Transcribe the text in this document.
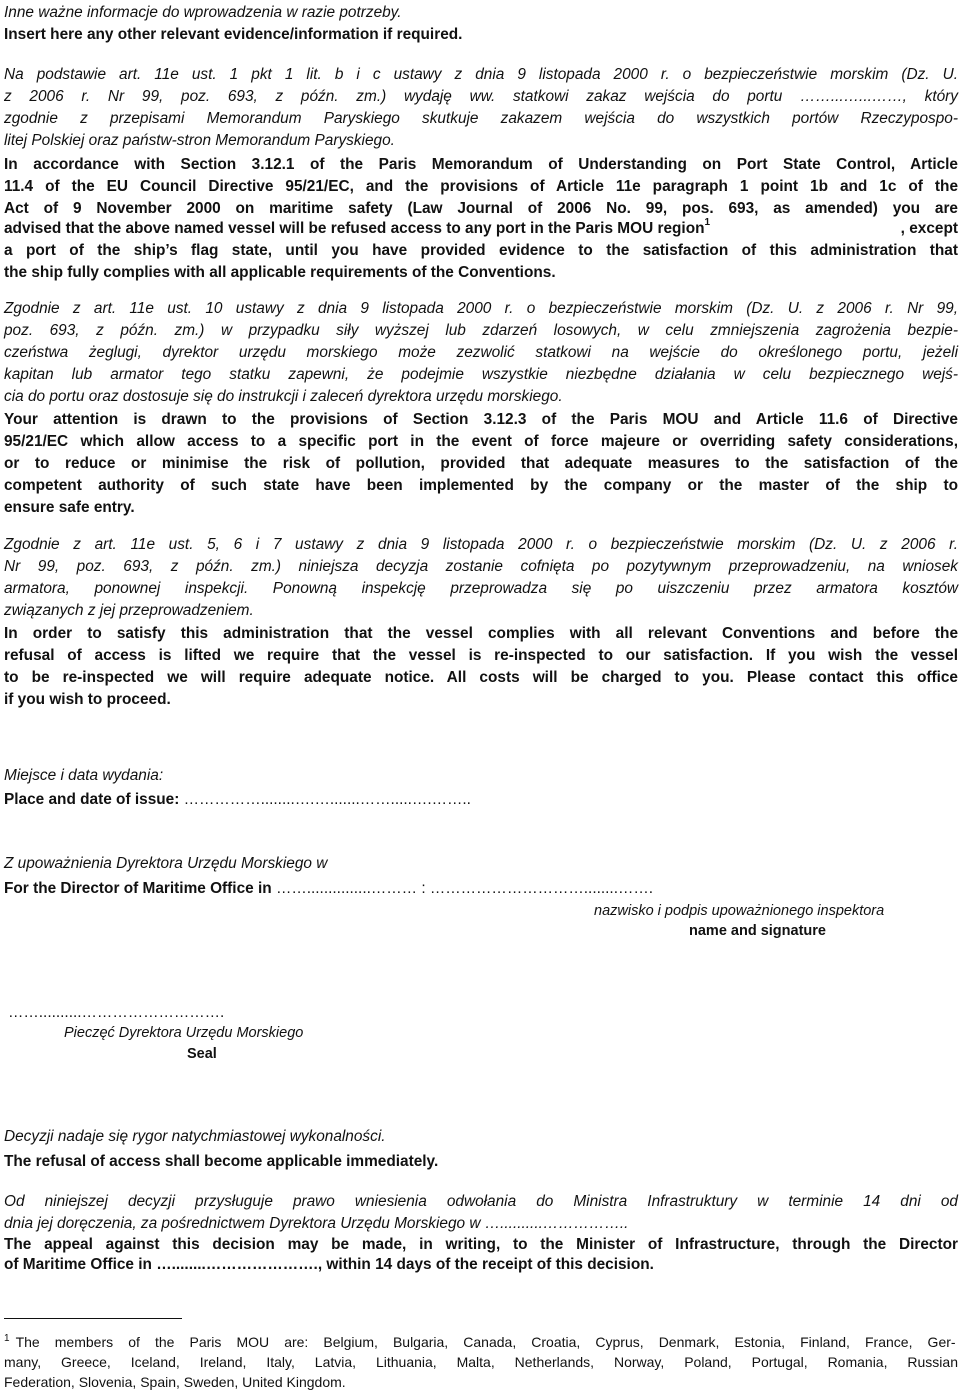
Inne ważne informacje do wprowadzenia w razie potrzeby.
Insert here any other relevant evidence/information if required.
Na podstawie art. 11e ust. 1 pkt 1 lit. b i c ustawy z dnia 9 listopada 2000 r. o bezpieczeństwie morskim (Dz. U.
z 2006 r. Nr 99, poz. 693, z późn. zm.) wydaję ww. statkowi zakaz wejścia do portu ……...…...……, który
zgodnie z przepisami Memorandum Paryskiego skutkuje zakazem wejścia do wszystkich portów Rzeczypospo-
litej Polskiej oraz państw-stron Memorandum Paryskiego.
In accordance with Section 3.12.1 of the Paris Memorandum of Understanding on Port State Control, Article
11.4 of the EU Council Directive 95/21/EC, and the provisions of Article 11e paragraph 1 point 1b and 1c of the
Act of 9 November 2000 on maritime safety (Law Journal of 2006 No. 99, pos. 693, as amended) you are
advised that the above named vessel will be refused access to any port in the Paris MOU region$^1$	, except
a port of the ship’s flag state, until you have provided evidence to the satisfaction of this administration that
the ship fully complies with all applicable requirements of the Conventions.
Zgodnie z art. 11e ust. 10 ustawy z dnia 9 listopada 2000 r. o bezpieczeństwie morskim (Dz. U. z 2006 r. Nr 99,
poz. 693, z późn. zm.) w przypadku siły wyższej lub zdarzeń losowych, w celu zmniejszenia zagrożenia bezpie-
czeństwa żeglugi, dyrektor urzędu morskiego może zezwolić statkowi na wejście do określonego portu, jeżeli
kapitan lub armator tego statku zapewni, że podejmie wszystkie niezbędne działania w celu bezpiecznego wejś-
cia do portu oraz dostosuje się do instrukcji i zaleceń dyrektora urzędu morskiego.
Your attention is drawn to the provisions of Section 3.12.3 of the Paris MOU and Article 11.6 of Directive
95/21/EC which allow access to a specific port in the event of force majeure or overriding safety considerations,
or to reduce or minimise the risk of pollution, provided that adequate measures to the satisfaction of the
competent authority of such state have been implemented by the company or the master of the ship to
ensure safe entry.
Zgodnie z art. 11e ust. 5, 6 i 7 ustawy z dnia 9 listopada 2000 r. o bezpieczeństwie morskim (Dz. U. z 2006 r.
Nr 99, poz. 693, z późn. zm.) niniejsza decyzja zostanie cofnięta po pozytywnym przeprowadzeniu, na wniosek
armatora, ponownej inspekcji. Ponowną inspekcję przeprowadza się po uiszczeniu przez armatora kosztów
związanych z jej przeprowadzeniem.
In order to satisfy this administration that the vessel complies with all relevant Conventions and before the
refusal of access is lifted we require that the vessel is re-inspected to our satisfaction. If you wish the vessel
to be re-inspected we will require adequate notice. All costs will be charged to you. Please contact this office
if you wish to proceed.
Miejsce i data wydania:
Place and date of issue: ……………........….….......…….....….……..
Z upoważnienia Dyrektora Urzędu Morskiego w
For the Director of Maritime Office in ……...............……… : …………………………........…….
nazwisko i podpis upoważnionego inspektora
name and signature
……..........……………………….
Pieczęć Dyrektora Urzędu Morskiego
Seal
Decyzji nadaje się rygor natychmiastowej wykonalności.
The refusal of access shall become applicable immediately.
Od niniejszej decyzji przysługuje prawo wniesienia odwołania do Ministra Infrastruktury w terminie 14 dni od
dnia jej doręczenia, za pośrednictwem Dyrektora Urzędu Morskiego w …..........……………..
The appeal against this decision may be made, in writing, to the Minister of Infrastructure, through the Director
of Maritime Office in …........…………………., within 14 days of the receipt of this decision.
1 The members of the Paris MOU are: Belgium, Bulgaria, Canada, Croatia, Cyprus, Denmark, Estonia, Finland, France, Ger-
many, Greece, Iceland, Ireland, Italy, Latvia, Lithuania, Malta, Netherlands, Norway, Poland, Portugal, Romania, Russian
Federation, Slovenia, Spain, Sweden, United Kingdom.
